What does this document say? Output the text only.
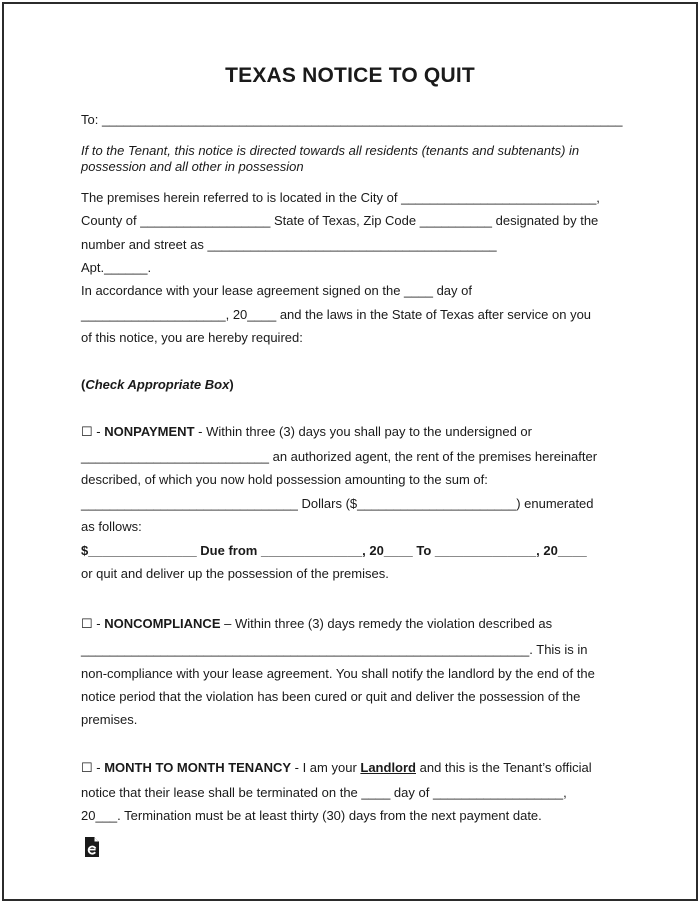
TEXAS NOTICE TO QUIT
To: ________________________________________________________________________
If to the Tenant, this notice is directed towards all residents (tenants and subtenants) in
possession and all other in possession
The premises herein referred to is located in the City of ___________________________,
County of __________________ State of Texas, Zip Code __________ designated by the
number and street as ________________________________________
Apt.______.
In accordance with your lease agreement signed on the ____ day of
____________________, 20____ and the laws in the State of Texas after service on you
of this notice, you are hereby required:
(Check Appropriate Box)
☐ - NONPAYMENT - Within three (3) days you shall pay to the undersigned or
__________________________ an authorized agent, the rent of the premises hereinafter
described, of which you now hold possession amounting to the sum of:
______________________________ Dollars ($______________________) enumerated
as follows:
$_______________ Due from ______________, 20____ To ______________, 20____
or quit and deliver up the possession of the premises.
☐ - NONCOMPLIANCE – Within three (3) days remedy the violation described as
______________________________________________________________. This is in
non-compliance with your lease agreement. You shall notify the landlord by the end of the
notice period that the violation has been cured or quit and deliver the possession of the
premises.
☐ - MONTH TO MONTH TENANCY - I am your Landlord and this is the Tenant’s official
notice that their lease shall be terminated on the ____ day of __________________,
20___. Termination must be at least thirty (30) days from the next payment date.
